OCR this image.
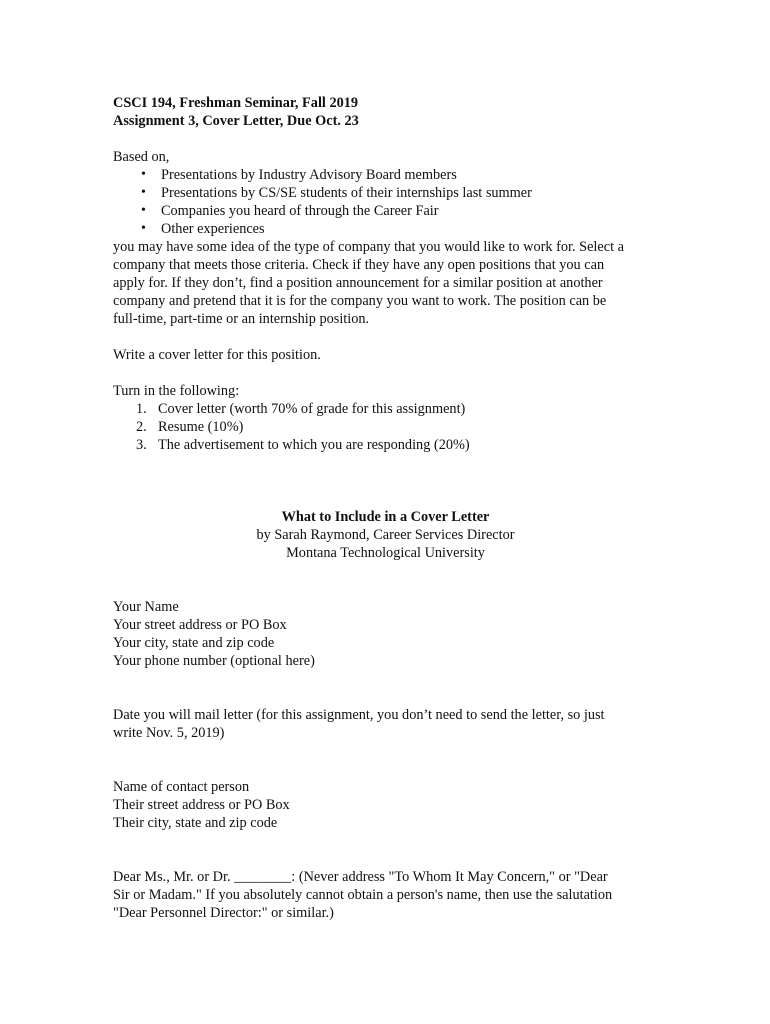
CSCI 194, Freshman Seminar, Fall 2019

Assignment 3, Cover Letter, Due Oct. 23

Based on,

• Presentations by Industry Advisory Board members
• Presentations by CS/SE students of their internships last summer
• Companies you heard of through the Career Fair
• Other experiences
you may have some idea of the type of company that you would like to work for. Select a
company that meets those criteria. Check if they have any open positions that you can
apply for. If they don’t, find a position announcement for a similar position at another
company and pretend that it is for the company you want to work. The position can be
full-time, part-time or an internship position.

Write a cover letter for this position.

Turn in the following:

1. Cover letter (worth 70% of grade for this assignment)
2. Resume (10%)
3. The advertisement to which you are responding (20%)
What to Include in a Cover Letter
by Sarah Raymond, Career Services Director
Montana Technological University
Your Name
Your street address or PO Box
Your city, state and zip code
Your phone number (optional here)
Date you will mail letter (for this assignment, you don’t need to send the letter, so just
write Nov. 5, 2019)
Name of contact person
Their street address or PO Box
Their city, state and zip code
Dear Ms., Mr. or Dr. ________: (Never address "To Whom It May Concern," or "Dear
Sir or Madam." If you absolutely cannot obtain a person's name, then use the salutation
"Dear Personnel Director:" or similar.)
